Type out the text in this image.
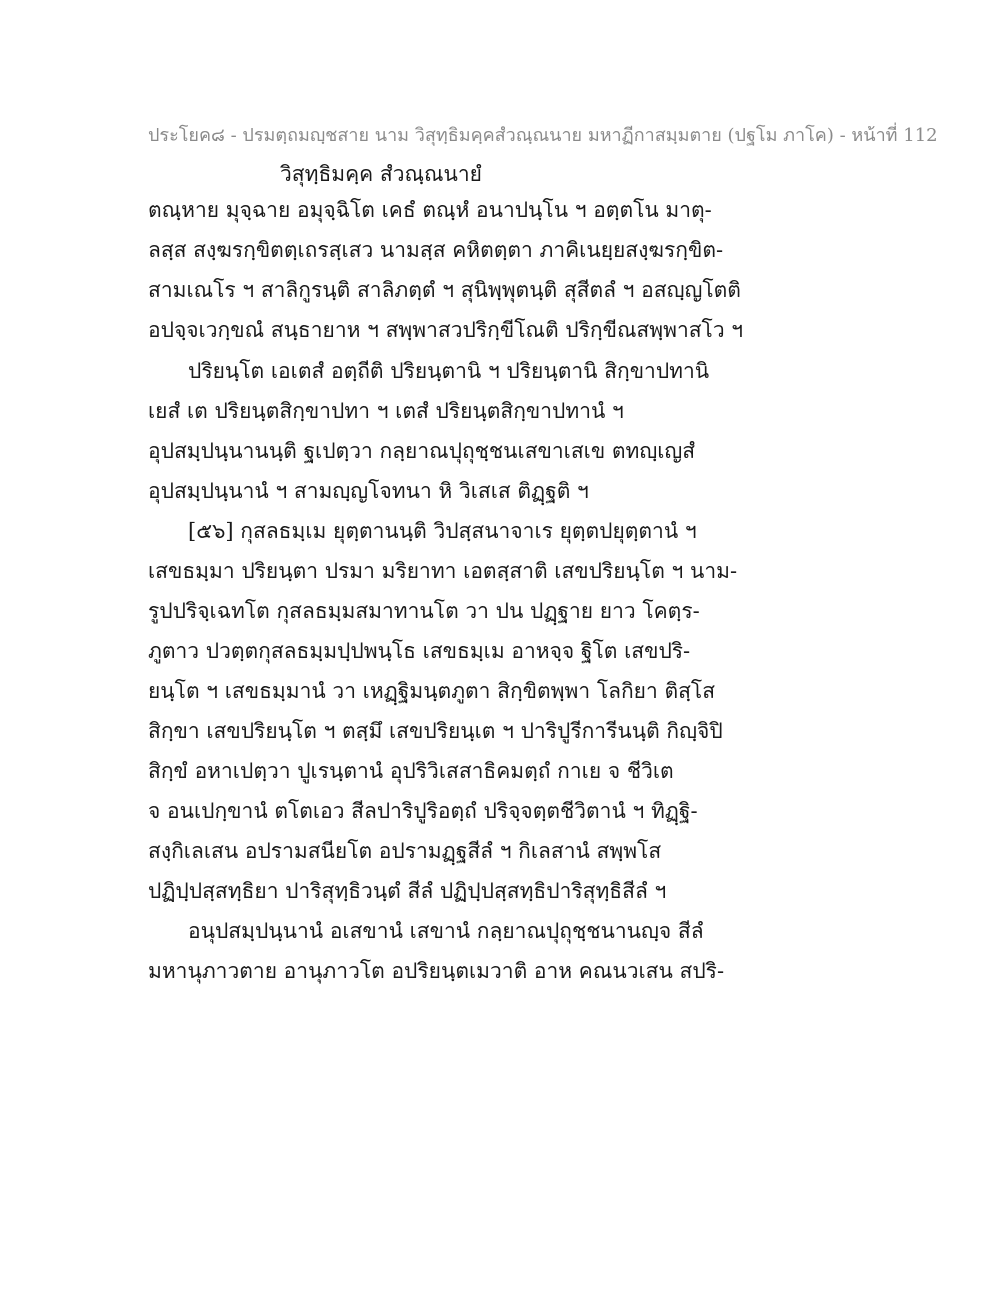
ประโยค๘ - ปรมตฺถมญฺชสาย นาม วิสุทฺธิมคฺคสํวณฺณนาย มหาฏีกาสมฺมตาย (ปฐโม ภาโค) - หน้าที่ 112
วิสุทฺธิมคฺค สํวณฺณนายํ
ตณฺหาย มุจฺฉาย อมุจฺฉิโต เคธํ ตณฺหํ อนาปนฺโน ฯ อตฺตโน มาตุ-
ลสฺส สงฺฆรกฺขิตตฺเถรสฺเสว นามสฺส คหิตตฺตา ภาคิเนยฺยสงฺฆรกฺขิต-
สามเณโร ฯ สาลิกูรนฺติ สาลิภตฺตํ ฯ สุนิพฺพุตนฺติ สุสีตลํ ฯ อสญฺญโตติ
อปจฺจเวกฺขณํ สนฺธายาห ฯ สพฺพาสวปริกฺขีโณติ ปริกฺขีณสพฺพาสโว ฯ
ปริยนฺโต เอเตสํ อตฺถีติ ปริยนฺตานิ ฯ ปริยนฺตานิ สิกฺขาปทานิ
เยสํ เต ปริยนฺตสิกฺขาปทา ฯ เตสํ ปริยนฺตสิกฺขาปทานํ ฯ
อุปสมฺปนฺนานนฺติ ฐเปตฺวา กลฺยาณปุถุชฺชนเสขาเสเข ตทญฺเญสํ
อุปสมฺปนฺนานํ ฯ สามญฺญโจทนา หิ วิเสเส ติฏฺฐติ ฯ
[๕๖] กุสลธมฺเม ยุตฺตานนฺติ วิปสฺสนาจาเร ยุตฺตปยุตฺตานํ ฯ
เสขธมฺมา ปริยนฺตา ปรมา มริยาทา เอตสฺสาติ เสขปริยนฺโต ฯ นาม-
รูปปริจฺเฉทโต กุสลธมฺมสมาทานโต วา ปน ปฏฺฐาย ยาว โคตฺร-
ภูตาว ปวตฺตกุสลธมฺมปฺปพนฺโธ เสขธมฺเม อาหจฺจ ฐิโต เสขปริ-
ยนฺโต ฯ เสขธมฺมานํ วา เหฏฺฐิมนฺตภูตา สิกฺขิตพฺพา โลกิยา ติสฺโส
สิกฺขา เสขปริยนฺโต ฯ ตสฺมึ เสขปริยนฺเต ฯ ปาริปูรีการีนนฺติ กิญฺจิปิ
สิกฺขํ อหาเปตฺวา ปูเรนฺตานํ อุปริวิเสสาธิคมตฺถํ กาเย จ ชีวิเต
จ อนเปกฺขานํ ตโตเอว สีลปาริปูริอตฺถํ ปริจฺจตฺตชีวิตานํ ฯ ทิฏฺฐิ-
สงฺกิเลเสน อปรามสนียโต อปรามฏฺฐสีลํ ฯ กิเลสานํ สพฺพโส
ปฏิปฺปสฺสทฺธิยา ปาริสุทฺธิวนฺตํ สีลํ ปฏิปฺปสฺสทฺธิปาริสุทฺธิสีลํ ฯ
อนุปสมฺปนฺนานํ อเสขานํ เสขานํ กลฺยาณปุถุชฺชนานญฺจ สีลํ
มหานุภาวตาย อานุภาวโต อปริยนฺตเมวาติ อาห คณนวเสน สปริ-
